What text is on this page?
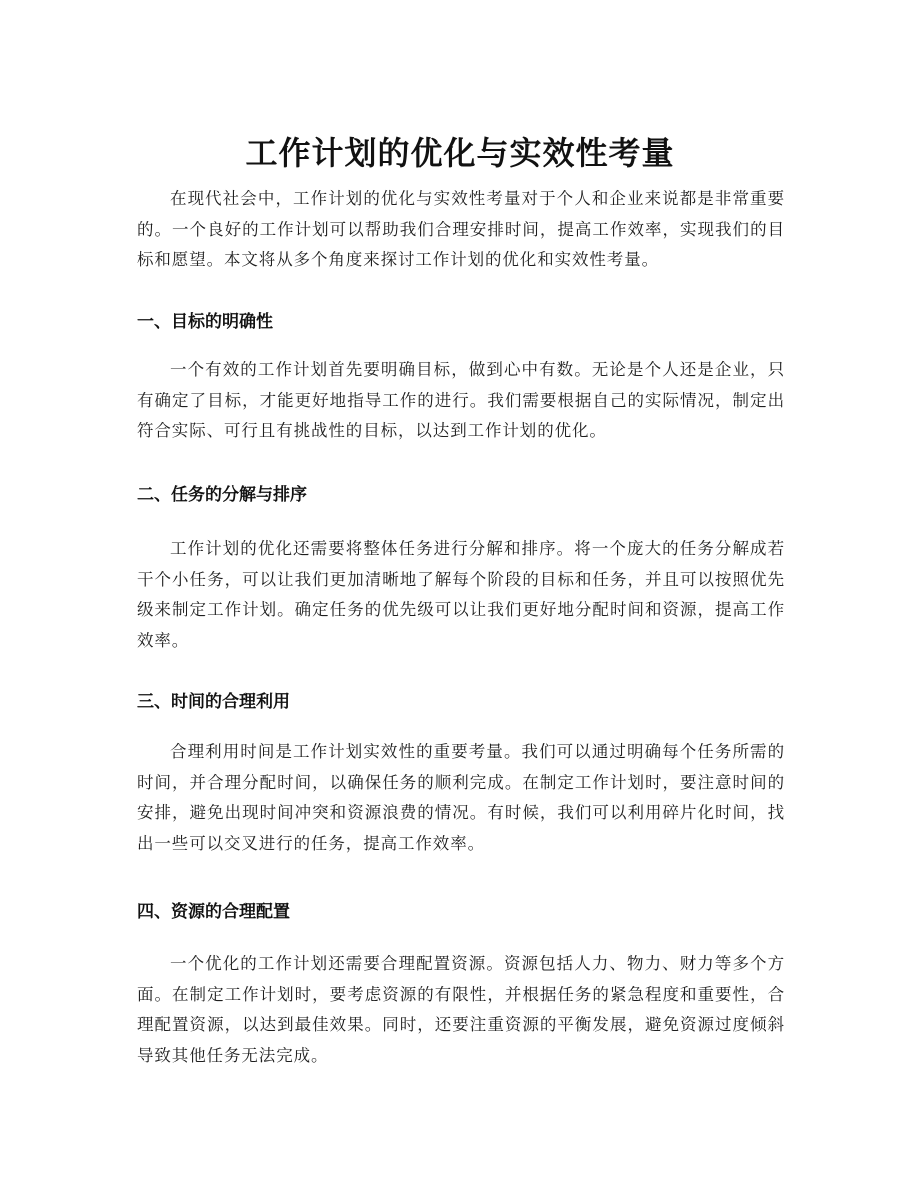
工作计划的优化与实效性考量

在现代社会中，工作计划的优化与实效性考量对于个人和企业来说都是非常重要的。一个良好的工作计划可以帮助我们合理安排时间，提高工作效率，实现我们的目标和愿望。本文将从多个角度来探讨工作计划的优化和实效性考量。

一、目标的明确性

一个有效的工作计划首先要明确目标，做到心中有数。无论是个人还是企业，只有确定了目标，才能更好地指导工作的进行。我们需要根据自己的实际情况，制定出符合实际、可行且有挑战性的目标，以达到工作计划的优化。

二、任务的分解与排序

工作计划的优化还需要将整体任务进行分解和排序。将一个庞大的任务分解成若干个小任务，可以让我们更加清晰地了解每个阶段的目标和任务，并且可以按照优先级来制定工作计划。确定任务的优先级可以让我们更好地分配时间和资源，提高工作效率。

三、时间的合理利用

合理利用时间是工作计划实效性的重要考量。我们可以通过明确每个任务所需的时间，并合理分配时间，以确保任务的顺利完成。在制定工作计划时，要注意时间的安排，避免出现时间冲突和资源浪费的情况。有时候，我们可以利用碎片化时间，找出一些可以交叉进行的任务，提高工作效率。

四、资源的合理配置

一个优化的工作计划还需要合理配置资源。资源包括人力、物力、财力等多个方面。在制定工作计划时，要考虑资源的有限性，并根据任务的紧急程度和重要性，合理配置资源，以达到最佳效果。同时，还要注重资源的平衡发展，避免资源过度倾斜导致其他任务无法完成。
